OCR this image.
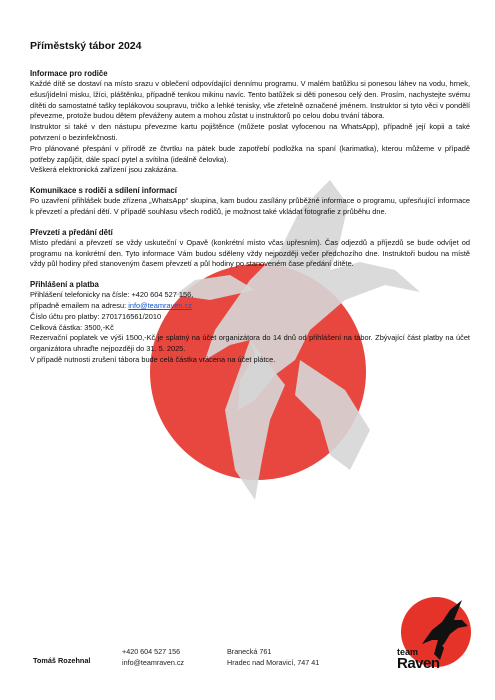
Příměstský tábor 2024
Informace pro rodiče

Každé dítě se dostaví na místo srazu v oblečení odpovídající dennímu programu. V malém batůžku si ponesou láhev na vodu, hrnek, ešus/jídelní misku, lžíci, pláštěnku, případně tenkou mikinu navíc. Tento batůžek si děti ponesou celý den. Prosím, nachystejte svému dítěti do samostatné tašky teplákovou soupravu, tričko a lehké tenisky, vše zřetelně označené jménem. Instruktor si tyto věci v pondělí převezme, protože budou dětem převáženy autem a mohou zůstat u instruktorů po celou dobu trvání tábora.

Instruktor si také v den nástupu převezme kartu pojištěnce (můžete poslat vyfocenou na WhatsApp), případně její kopii a také potvrzení o bezinfekčnosti.

Pro plánované přespání v přírodě ze čtvrtku na pátek bude zapotřebí podložka na spaní (karimatka), kterou můžeme v případě potřeby zapůjčit, dále spací pytel a svítilna (ideálně čelovka).

Veškerá elektronická zařízení jsou zakázána.

Komunikace s rodiči a sdílení informací

Po uzavření přihlášek bude zřízena „WhatsApp“ skupina, kam budou zasílány průběžné informace o programu, upřesňující informace k převzetí a předání dětí. V případě souhlasu všech rodičů, je možnost také vkládat fotografie z průběhu dne.

Převzetí a předání dětí

Místo předání a převzetí se vždy uskuteční v Opavě (konkrétní místo včas upřesním). Čas odjezdů a příjezdů se bude odvíjet od programu na konkrétní den. Tyto informace Vám budou sděleny vždy nejpozději večer předchozího dne. Instruktoři budou na místě vždy půl hodiny před stanoveným časem převzetí a půl hodiny po stanoveném čase předání dítěte.

Přihlášení a platba
Přihlášení telefonicky na čísle: +420 604 527 156,
případně emailem na adresu: info@teamraven.cz
Číslo účtu pro platby: 2701716561/2010
Celková částka: 3500,-Kč

Rezervační poplatek ve výši 1500,-Kč je splatný na účet organizátora do 14 dnů od přihlášení na tábor. Zbývající část platby na účet organizátora uhraďte nejpozději do 31. 5. 2025.

V případě nutnosti zrušení tábora bude celá částka vrácena na účet plátce.

Tomáš Rozehnal
+420 604 527 156
info@teamraven.cz
Branecká 761
Hradec nad Moravicí, 747 41
team
Raven
